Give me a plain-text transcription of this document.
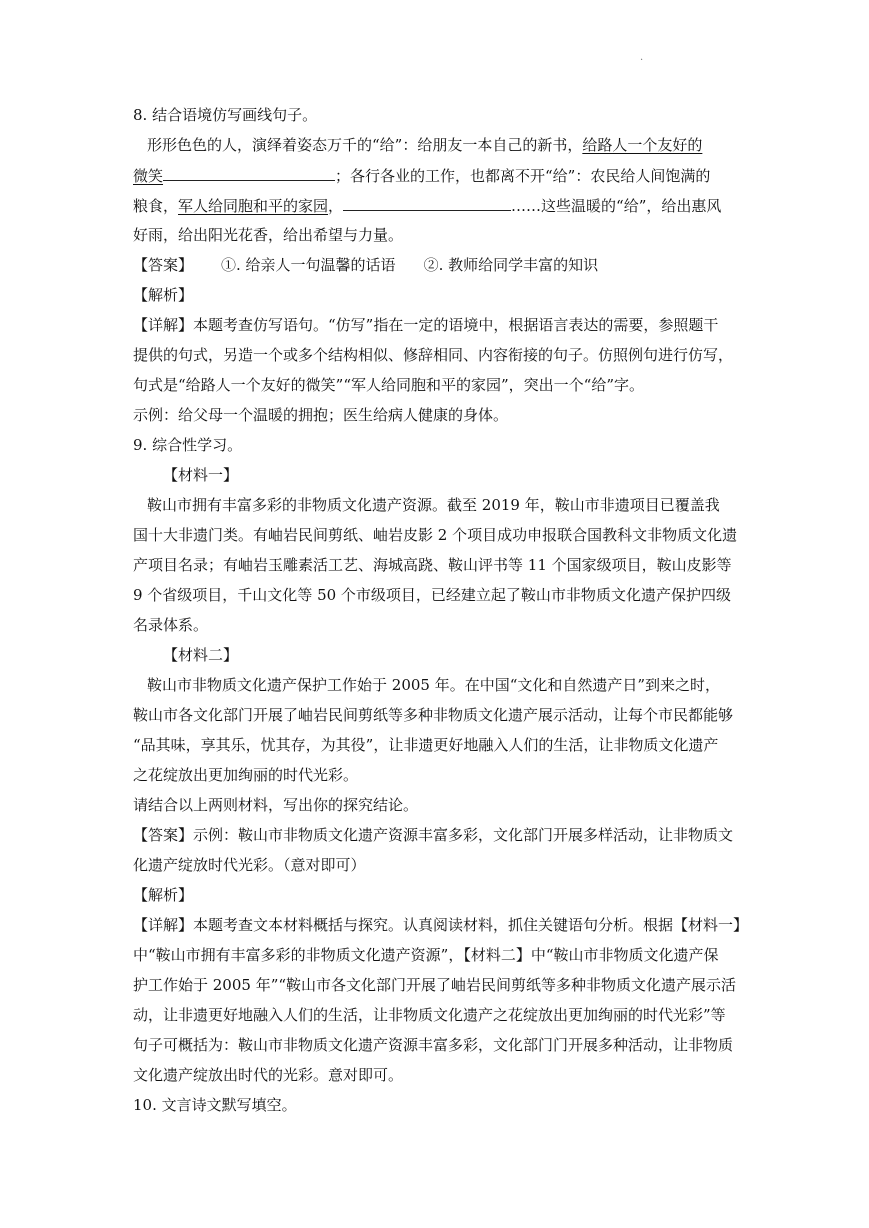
.
8. 结合语境仿写画线句子。
形形色色的人，演绎着姿态万千的“给”：给朋友一本自己的新书，给路人一个友好的
微笑	；各行各业的工作，也都离不开“给”：农民给人间饱满的
粮食，军人给同胞和平的家园，	……这些温暖的“给”，给出惠风
好雨，给出阳光花香，给出希望与力量。
【答案】 ①. 给亲人一句温馨的话语 ②. 教师给同学丰富的知识
【解析】
【详解】本题考查仿写语句。“仿写”指在一定的语境中，根据语言表达的需要，参照题干
提供的句式，另造一个或多个结构相似、修辞相同、内容衔接的句子。仿照例句进行仿写，
句式是“给路人一个友好的微笑”“军人给同胞和平的家园”，突出一个“给”字。
示例：给父母一个温暖的拥抱；医生给病人健康的身体。
9. 综合性学习。
【材料一】
鞍山市拥有丰富多彩的非物质文化遗产资源。截至 2019 年，鞍山市非遗项目已覆盖我
国十大非遗门类。有岫岩民间剪纸、岫岩皮影 2 个项目成功申报联合国教科文非物质文化遗
产项目名录；有岫岩玉雕素活工艺、海城高跷、鞍山评书等 11 个国家级项目，鞍山皮影等
9 个省级项目，千山文化等 50 个市级项目，已经建立起了鞍山市非物质文化遗产保护四级
名录体系。
【材料二】
鞍山市非物质文化遗产保护工作始于 2005 年。在中国“文化和自然遗产日”到来之时，
鞍山市各文化部门开展了岫岩民间剪纸等多种非物质文化遗产展示活动，让每个市民都能够
“品其味，享其乐，忧其存，为其役”，让非遗更好地融入人们的生活，让非物质文化遗产
之花绽放出更加绚丽的时代光彩。
请结合以上两则材料，写出你的探究结论。
【答案】示例：鞍山市非物质文化遗产资源丰富多彩，文化部门开展多样活动，让非物质文
化遗产绽放时代光彩。（意对即可）
【解析】
【详解】本题考查文本材料概括与探究。认真阅读材料，抓住关键语句分析。根据【材料一】
中“鞍山市拥有丰富多彩的非物质文化遗产资源”，【材料二】中“鞍山市非物质文化遗产保
护工作始于 2005 年”“鞍山市各文化部门开展了岫岩民间剪纸等多种非物质文化遗产展示活
动，让非遗更好地融入人们的生活，让非物质文化遗产之花绽放出更加绚丽的时代光彩”等
句子可概括为：鞍山市非物质文化遗产资源丰富多彩，文化部门门开展多种活动，让非物质
文化遗产绽放出时代的光彩。意对即可。
10. 文言诗文默写填空。
